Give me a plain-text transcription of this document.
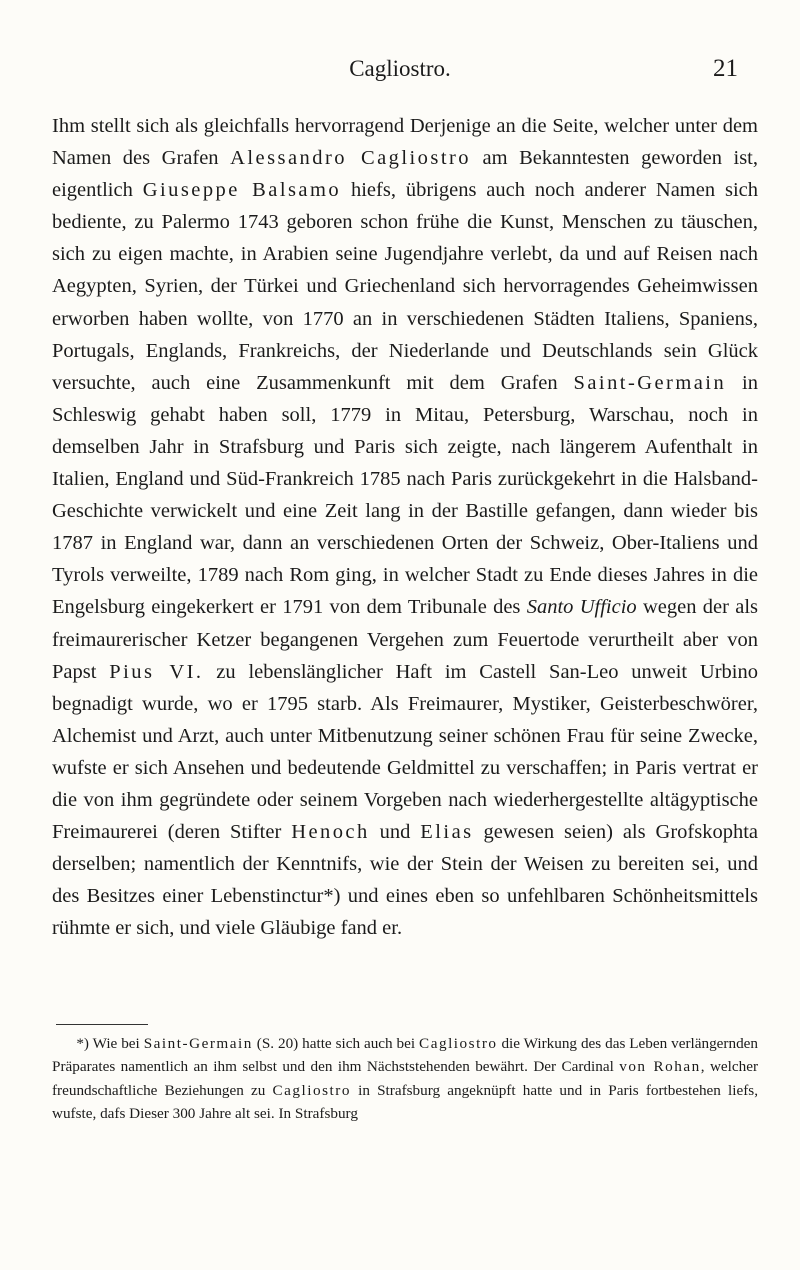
Cagliostro.	21

Ihm stellt sich als gleichfalls hervorragend Derjenige an die Seite, welcher unter dem Namen des Grafen Alessandro Cagliostro am Bekanntesten geworden ist, eigentlich Giuseppe Balsamo hiefs, übrigens auch noch anderer Namen sich bediente, zu Palermo 1743 geboren schon frühe die Kunst, Menschen zu täuschen, sich zu eigen machte, in Arabien seine Jugendjahre verlebt, da und auf Reisen nach Aegypten, Syrien, der Türkei und Griechenland sich hervorragendes Geheimwissen erworben haben wollte, von 1770 an in verschiedenen Städten Italiens, Spaniens, Portugals, Englands, Frankreichs, der Niederlande und Deutschlands sein Glück versuchte, auch eine Zusammenkunft mit dem Grafen Saint-Germain in Schleswig gehabt haben soll, 1779 in Mitau, Petersburg, Warschau, noch in demselben Jahr in Strafsburg und Paris sich zeigte, nach längerem Aufenthalt in Italien, England und Süd-Frankreich 1785 nach Paris zurückgekehrt in die Halsband-Geschichte verwickelt und eine Zeit lang in der Bastille gefangen, dann wieder bis 1787 in England war, dann an verschiedenen Orten der Schweiz, Ober-Italiens und Tyrols verweilte, 1789 nach Rom ging, in welcher Stadt zu Ende dieses Jahres in die Engelsburg eingekerkert er 1791 von dem Tribunale des Santo Ufficio wegen der als freimaurerischer Ketzer begangenen Vergehen zum Feuertode verurtheilt aber von Papst Pius VI. zu lebenslänglicher Haft im Castell San-Leo unweit Urbino begnadigt wurde, wo er 1795 starb. Als Freimaurer, Mystiker, Geisterbeschwörer, Alchemist und Arzt, auch unter Mitbenutzung seiner schönen Frau für seine Zwecke, wufste er sich Ansehen und bedeutende Geldmittel zu verschaffen; in Paris vertrat er die von ihm gegründete oder seinem Vorgeben nach wiederhergestellte altägyptische Freimaurerei (deren Stifter Henoch und Elias gewesen seien) als Grofskophta derselben; namentlich der Kenntnifs, wie der Stein der Weisen zu bereiten sei, und des Besitzes einer Lebenstinctur*) und eines eben so unfehlbaren Schönheitsmittels rühmte er sich, und viele Gläubige fand er.

*) Wie bei Saint-Germain (S. 20) hatte sich auch bei Cagliostro die Wirkung des das Leben verlängernden Präparates namentlich an ihm selbst und den ihm Nächststehenden bewährt. Der Cardinal von Rohan, welcher freundschaftliche Beziehungen zu Cagliostro in Strafsburg angeknüpft hatte und in Paris fortbestehen liefs, wufste, dafs Dieser 300 Jahre alt sei. In Strafsburg
